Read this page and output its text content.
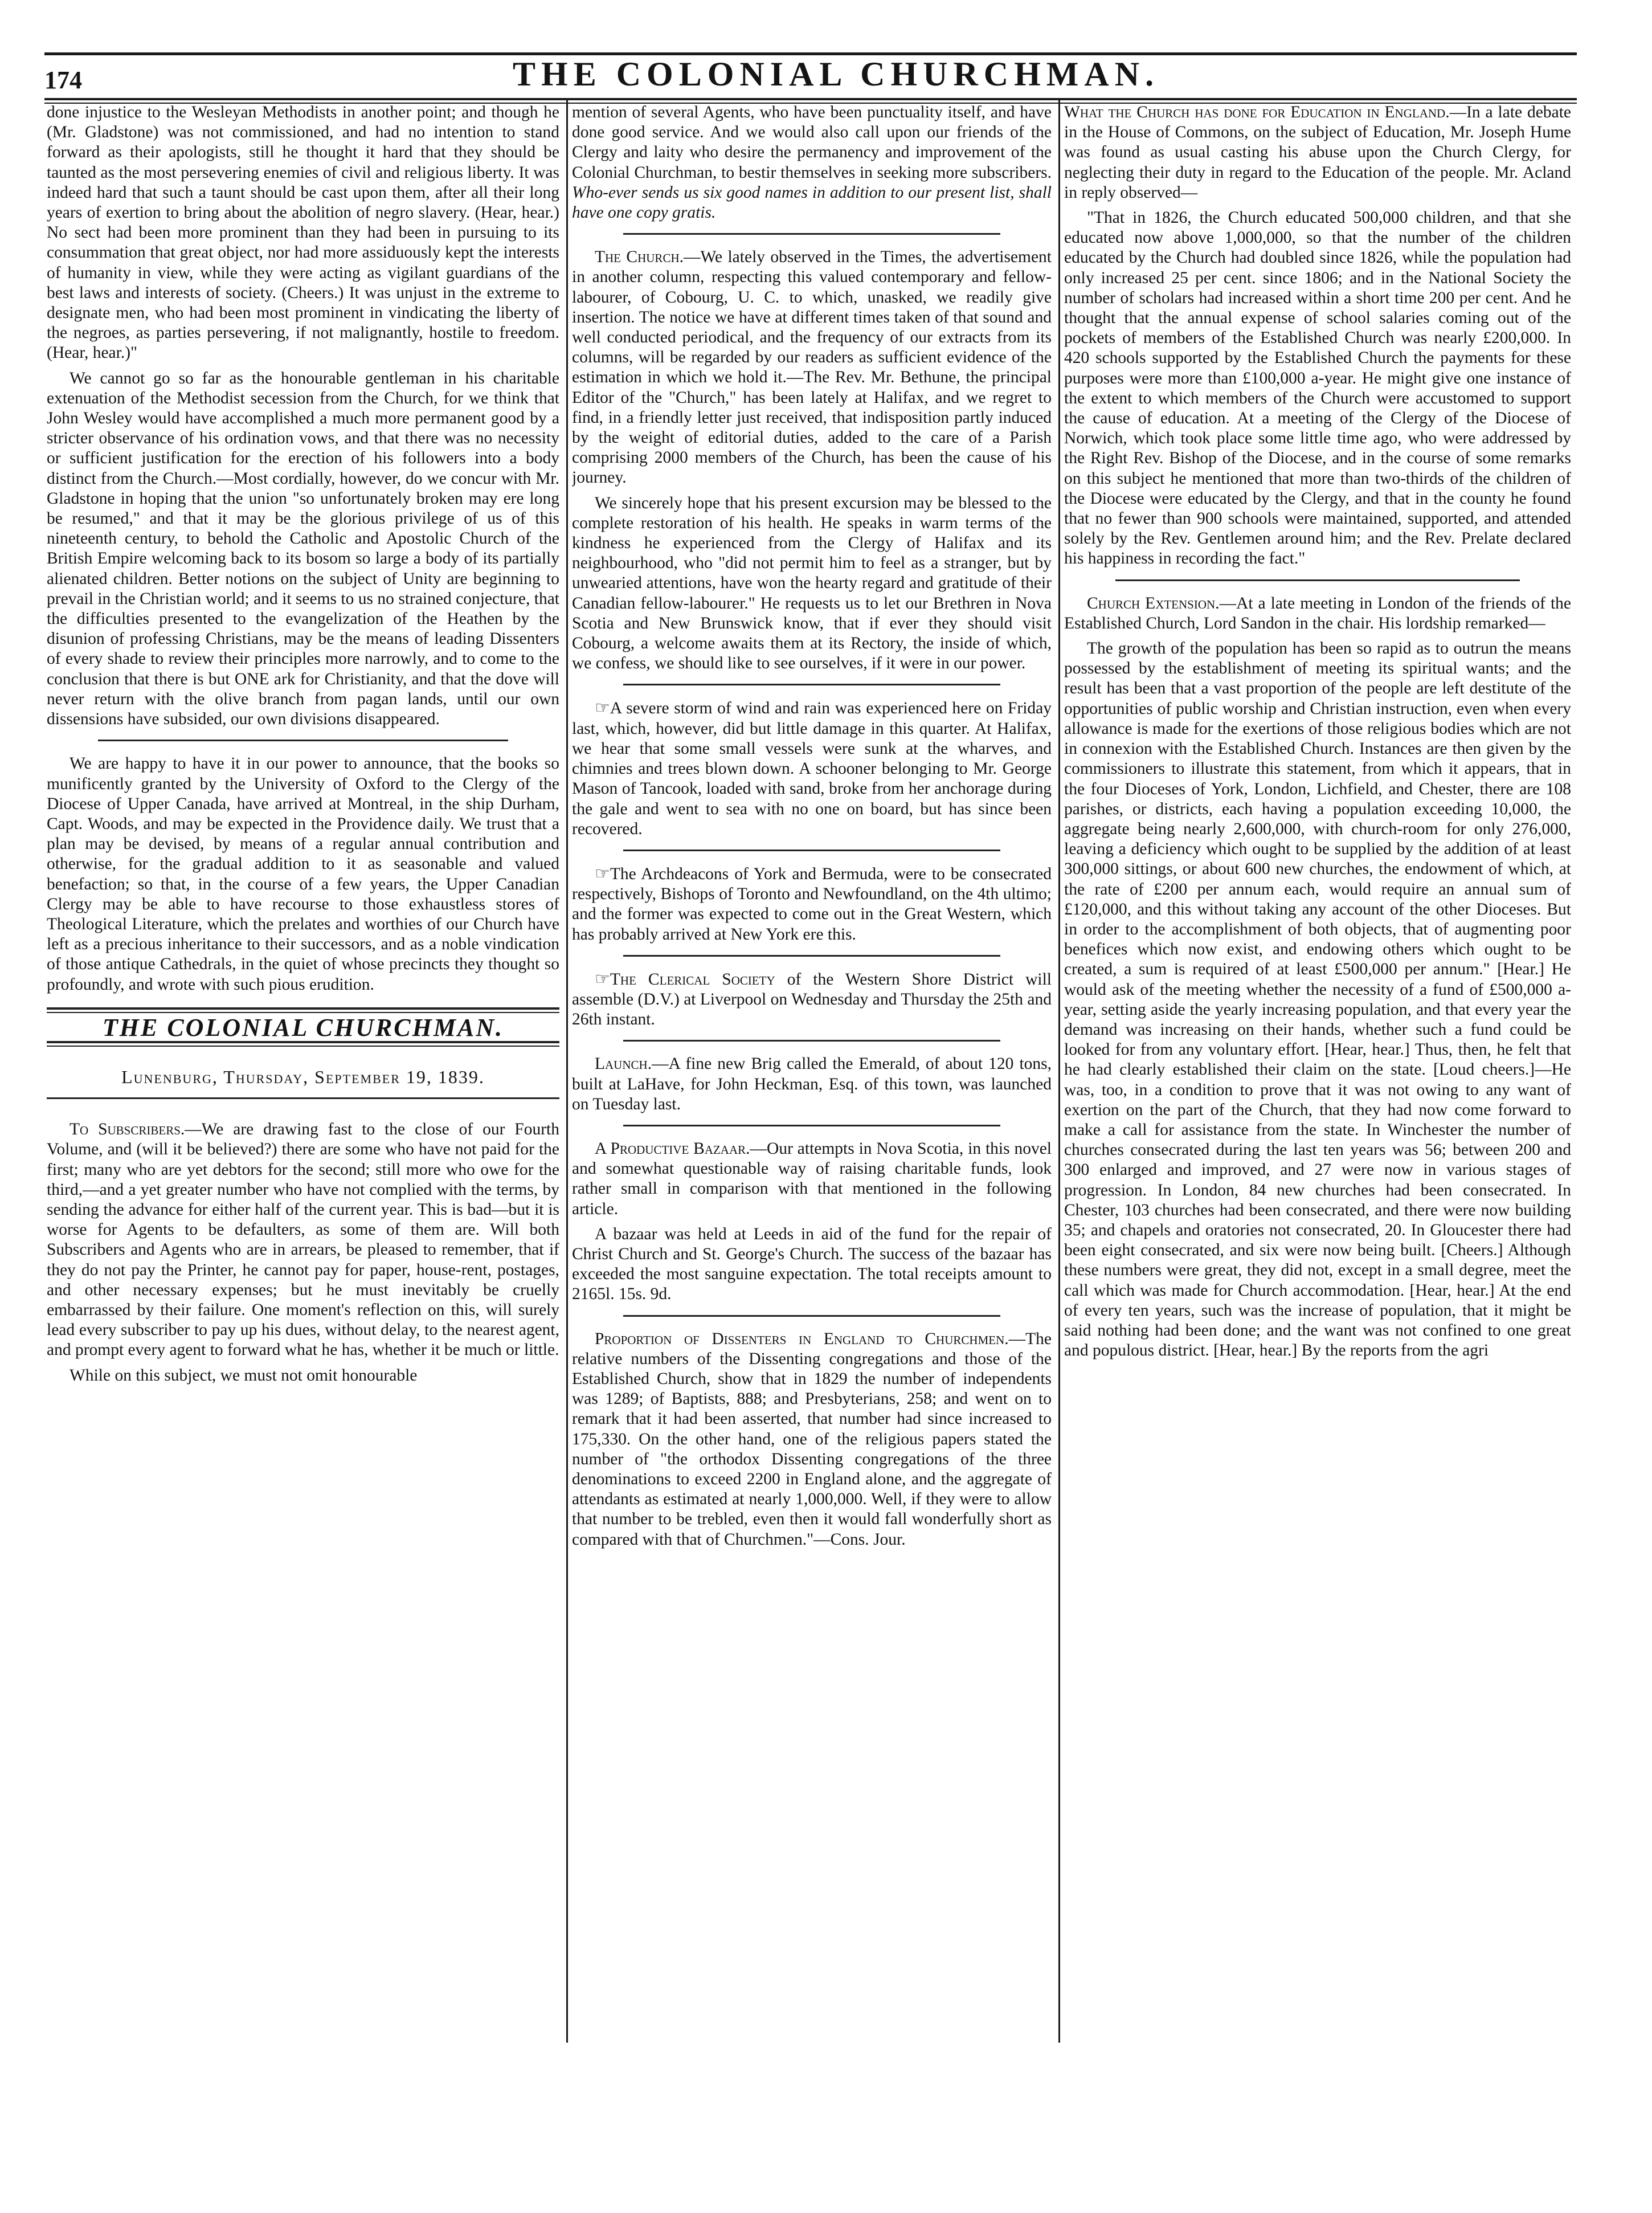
174	THE COLONIAL CHURCHMAN.

done injustice to the Wesleyan Methodists in another point; and though he (Mr. Gladstone) was not commissioned, and had no intention to stand forward as their apologists, still he thought it hard that they should be taunted as the most persevering enemies of civil and religious liberty. It was indeed hard that such a taunt should be cast upon them, after all their long years of exertion to bring about the abolition of negro slavery. (Hear, hear.) No sect had been more prominent than they had been in pursuing to its consummation that great object, nor had more assiduously kept the interests of humanity in view, while they were acting as vigilant guardians of the best laws and interests of society. (Cheers.) It was unjust in the extreme to designate men, who had been most prominent in vindicating the liberty of the negroes, as parties persevering, if not malignantly, hostile to freedom. (Hear, hear.)"

We cannot go so far as the honourable gentleman in his charitable extenuation of the Methodist secession from the Church, for we think that John Wesley would have accomplished a much more permanent good by a stricter observance of his ordination vows, and that there was no necessity or sufficient justification for the erection of his followers into a body distinct from the Church.—Most cordially, however, do we concur with Mr. Gladstone in hoping that the union "so unfortunately broken may ere long be resumed," and that it may be the glorious privilege of us of this nineteenth century, to behold the Catholic and Apostolic Church of the British Empire welcoming back to its bosom so large a body of its partially alienated children. Better notions on the subject of Unity are beginning to prevail in the Christian world; and it seems to us no strained conjecture, that the difficulties presented to the evangelization of the Heathen by the disunion of professing Christians, may be the means of leading Dissenters of every shade to review their principles more narrowly, and to come to the conclusion that there is but ONE ark for Christianity, and that the dove will never return with the olive branch from pagan lands, until our own dissensions have subsided, our own divisions disappeared.

We are happy to have it in our power to announce, that the books so munificently granted by the University of Oxford to the Clergy of the Diocese of Upper Canada, have arrived at Montreal, in the ship Durham, Capt. Woods, and may be expected in the Providence daily. We trust that a plan may be devised, by means of a regular annual contribution and otherwise, for the gradual addition to it as seasonable and valued benefaction; so that, in the course of a few years, the Upper Canadian Clergy may be able to have recourse to those exhaustless stores of Theological Literature, which the prelates and worthies of our Church have left as a precious inheritance to their successors, and as a noble vindication of those antique Cathedrals, in the quiet of whose precincts they thought so profoundly, and wrote with such pious erudition.

THE COLONIAL CHURCHMAN.
Lunenburg, Thursday, September 19, 1839.

To Subscribers.—We are drawing fast to the close of our Fourth Volume, and (will it be believed?) there are some who have not paid for the first; many who are yet debtors for the second; still more who owe for the third,—and a yet greater number who have not complied with the terms, by sending the advance for either half of the current year. This is bad—but it is worse for Agents to be defaulters, as some of them are. Will both Subscribers and Agents who are in arrears, be pleased to remember, that if they do not pay the Printer, he cannot pay for paper, house-rent, postages, and other necessary expenses; but he must inevitably be cruelly embarrassed by their failure. One moment's reflection on this, will surely lead every subscriber to pay up his dues, without delay, to the nearest agent, and prompt every agent to forward what he has, whether it be much or little.

While on this subject, we must not omit honourable

mention of several Agents, who have been punctuality itself, and have done good service. And we would also call upon our friends of the Clergy and laity who desire the permanency and improvement of the Colonial Churchman, to bestir themselves in seeking more subscribers. Who-ever sends us six good names in addition to our present list, shall have one copy gratis.

The Church.—We lately observed in the Times, the advertisement in another column, respecting this valued contemporary and fellow-labourer, of Cobourg, U. C. to which, unasked, we readily give insertion. The notice we have at different times taken of that sound and well conducted periodical, and the frequency of our extracts from its columns, will be regarded by our readers as sufficient evidence of the estimation in which we hold it.—The Rev. Mr. Bethune, the principal Editor of the "Church," has been lately at Halifax, and we regret to find, in a friendly letter just received, that indisposition partly induced by the weight of editorial duties, added to the care of a Parish comprising 2000 members of the Church, has been the cause of his journey.

We sincerely hope that his present excursion may be blessed to the complete restoration of his health. He speaks in warm terms of the kindness he experienced from the Clergy of Halifax and its neighbourhood, who "did not permit him to feel as a stranger, but by unwearied attentions, have won the hearty regard and gratitude of their Canadian fellow-labourer." He requests us to let our Brethren in Nova Scotia and New Brunswick know, that if ever they should visit Cobourg, a welcome awaits them at its Rectory, the inside of which, we confess, we should like to see ourselves, if it were in our power.

☞A severe storm of wind and rain was experienced here on Friday last, which, however, did but little damage in this quarter. At Halifax, we hear that some small vessels were sunk at the wharves, and chimnies and trees blown down. A schooner belonging to Mr. George Mason of Tancook, loaded with sand, broke from her anchorage during the gale and went to sea with no one on board, but has since been recovered.

☞The Archdeacons of York and Bermuda, were to be consecrated respectively, Bishops of Toronto and Newfoundland, on the 4th ultimo; and the former was expected to come out in the Great Western, which has probably arrived at New York ere this.

☞The Clerical Society of the Western Shore District will assemble (D.V.) at Liverpool on Wednesday and Thursday the 25th and 26th instant.

Launch.—A fine new Brig called the Emerald, of about 120 tons, built at LaHave, for John Heckman, Esq. of this town, was launched on Tuesday last.

A Productive Bazaar.—Our attempts in Nova Scotia, in this novel and somewhat questionable way of raising charitable funds, look rather small in comparison with that mentioned in the following article.

A bazaar was held at Leeds in aid of the fund for the repair of Christ Church and St. George's Church. The success of the bazaar has exceeded the most sanguine expectation. The total receipts amount to 2165l. 15s. 9d.

Proportion of Dissenters in England to Churchmen.—The relative numbers of the Dissenting congregations and those of the Established Church, show that in 1829 the number of independents was 1289; of Baptists, 888; and Presbyterians, 258; and went on to remark that it had been asserted, that number had since increased to 175,330. On the other hand, one of the religious papers stated the number of "the orthodox Dissenting congregations of the three denominations to exceed 2200 in England alone, and the aggregate of attendants as estimated at nearly 1,000,000. Well, if they were to allow that number to be trebled, even then it would fall wonderfully short as compared with that of Churchmen."—Cons. Jour.

What the Church has done for Education in England.—In a late debate in the House of Commons, on the subject of Education, Mr. Joseph Hume was found as usual casting his abuse upon the Church Clergy, for neglecting their duty in regard to the Education of the people. Mr. Acland in reply observed—

"That in 1826, the Church educated 500,000 children, and that she educated now above 1,000,000, so that the number of the children educated by the Church had doubled since 1826, while the population had only increased 25 per cent. since 1806; and in the National Society the number of scholars had increased within a short time 200 per cent. And he thought that the annual expense of school salaries coming out of the pockets of members of the Established Church was nearly £200,000. In 420 schools supported by the Established Church the payments for these purposes were more than £100,000 a-year. He might give one instance of the extent to which members of the Church were accustomed to support the cause of education. At a meeting of the Clergy of the Diocese of Norwich, which took place some little time ago, who were addressed by the Right Rev. Bishop of the Diocese, and in the course of some remarks on this subject he mentioned that more than two-thirds of the children of the Diocese were educated by the Clergy, and that in the county he found that no fewer than 900 schools were maintained, supported, and attended solely by the Rev. Gentlemen around him; and the Rev. Prelate declared his happiness in recording the fact."

Church Extension.—At a late meeting in London of the friends of the Established Church, Lord Sandon in the chair. His lordship remarked—

The growth of the population has been so rapid as to outrun the means possessed by the establishment of meeting its spiritual wants; and the result has been that a vast proportion of the people are left destitute of the opportunities of public worship and Christian instruction, even when every allowance is made for the exertions of those religious bodies which are not in connexion with the Established Church. Instances are then given by the commissioners to illustrate this statement, from which it appears, that in the four Dioceses of York, London, Lichfield, and Chester, there are 108 parishes, or districts, each having a population exceeding 10,000, the aggregate being nearly 2,600,000, with church-room for only 276,000, leaving a deficiency which ought to be supplied by the addition of at least 300,000 sittings, or about 600 new churches, the endowment of which, at the rate of £200 per annum each, would require an annual sum of £120,000, and this without taking any account of the other Dioceses. But in order to the accomplishment of both objects, that of augmenting poor benefices which now exist, and endowing others which ought to be created, a sum is required of at least £500,000 per annum." [Hear.] He would ask of the meeting whether the necessity of a fund of £500,000 a-year, setting aside the yearly increasing population, and that every year the demand was increasing on their hands, whether such a fund could be looked for from any voluntary effort. [Hear, hear.] Thus, then, he felt that he had clearly established their claim on the state. [Loud cheers.]—He was, too, in a condition to prove that it was not owing to any want of exertion on the part of the Church, that they had now come forward to make a call for assistance from the state. In Winchester the number of churches consecrated during the last ten years was 56; between 200 and 300 enlarged and improved, and 27 were now in various stages of progression. In London, 84 new churches had been consecrated. In Chester, 103 churches had been consecrated, and there were now building 35; and chapels and oratories not consecrated, 20. In Gloucester there had been eight consecrated, and six were now being built. [Cheers.] Although these numbers were great, they did not, except in a small degree, meet the call which was made for Church accommodation. [Hear, hear.] At the end of every ten years, such was the increase of population, that it might be said nothing had been done; and the want was not confined to one great and populous district. [Hear, hear.] By the reports from the agri
